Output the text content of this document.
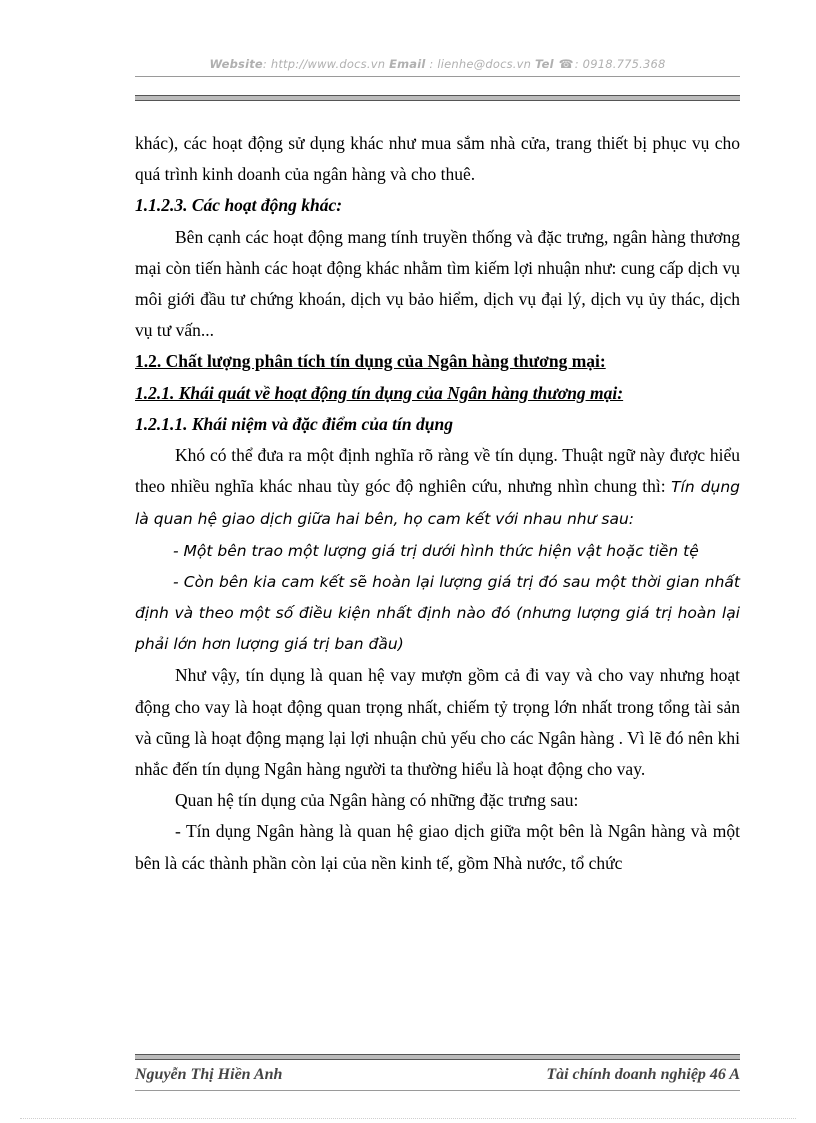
Website: http://www.docs.vn Email : lienhe@docs.vn Tel ☎: 0918.775.368

khác), các hoạt động sử dụng khác như mua sắm nhà cửa, trang thiết bị phục vụ cho quá trình kinh doanh của ngân hàng và cho thuê.

1.1.2.3. Các hoạt động khác:

Bên cạnh các hoạt động mang tính truyền thống và đặc trưng, ngân hàng thương mại còn tiến hành các hoạt động khác nhằm tìm kiếm lợi nhuận như: cung cấp dịch vụ môi giới đầu tư chứng khoán, dịch vụ bảo hiểm, dịch vụ đại lý, dịch vụ ủy thác, dịch vụ tư vấn...

1.2. Chất lượng phân tích tín dụng của Ngân hàng thương mại:

1.2.1. Khái quát về hoạt động tín dụng của Ngân hàng thương mại:

1.2.1.1. Khái niệm và đặc điểm của tín dụng

Khó có thể đưa ra một định nghĩa rõ ràng về tín dụng. Thuật ngữ này được hiểu theo nhiều nghĩa khác nhau tùy góc độ nghiên cứu, nhưng nhìn chung thì: Tín dụng là quan hệ giao dịch giữa hai bên, họ cam kết với nhau như sau:

- Một bên trao một lượng giá trị dưới hình thức hiện vật hoặc tiền tệ

- Còn bên kia cam kết sẽ hoàn lại lượng giá trị đó sau một thời gian nhất định và theo một số điều kiện nhất định nào đó (nhưng lượng giá trị hoàn lại phải lớn hơn lượng giá trị ban đầu)

Như vậy, tín dụng là quan hệ vay mượn gồm cả đi vay và cho vay nhưng hoạt động cho vay là hoạt động quan trọng nhất, chiếm tỷ trọng lớn nhất trong tổng tài sản và cũng là hoạt động mạng lại lợi nhuận chủ yếu cho các Ngân hàng . Vì lẽ đó nên khi nhắc đến tín dụng Ngân hàng người ta thường hiểu là hoạt động cho vay.

Quan hệ tín dụng của Ngân hàng có những đặc trưng sau:

- Tín dụng Ngân hàng là quan hệ giao dịch giữa một bên là Ngân hàng và một bên là các thành phần còn lại của nền kinh tế, gồm Nhà nước, tổ chức

Nguyễn Thị Hiền Anh	Tài chính doanh nghiệp 46 A
